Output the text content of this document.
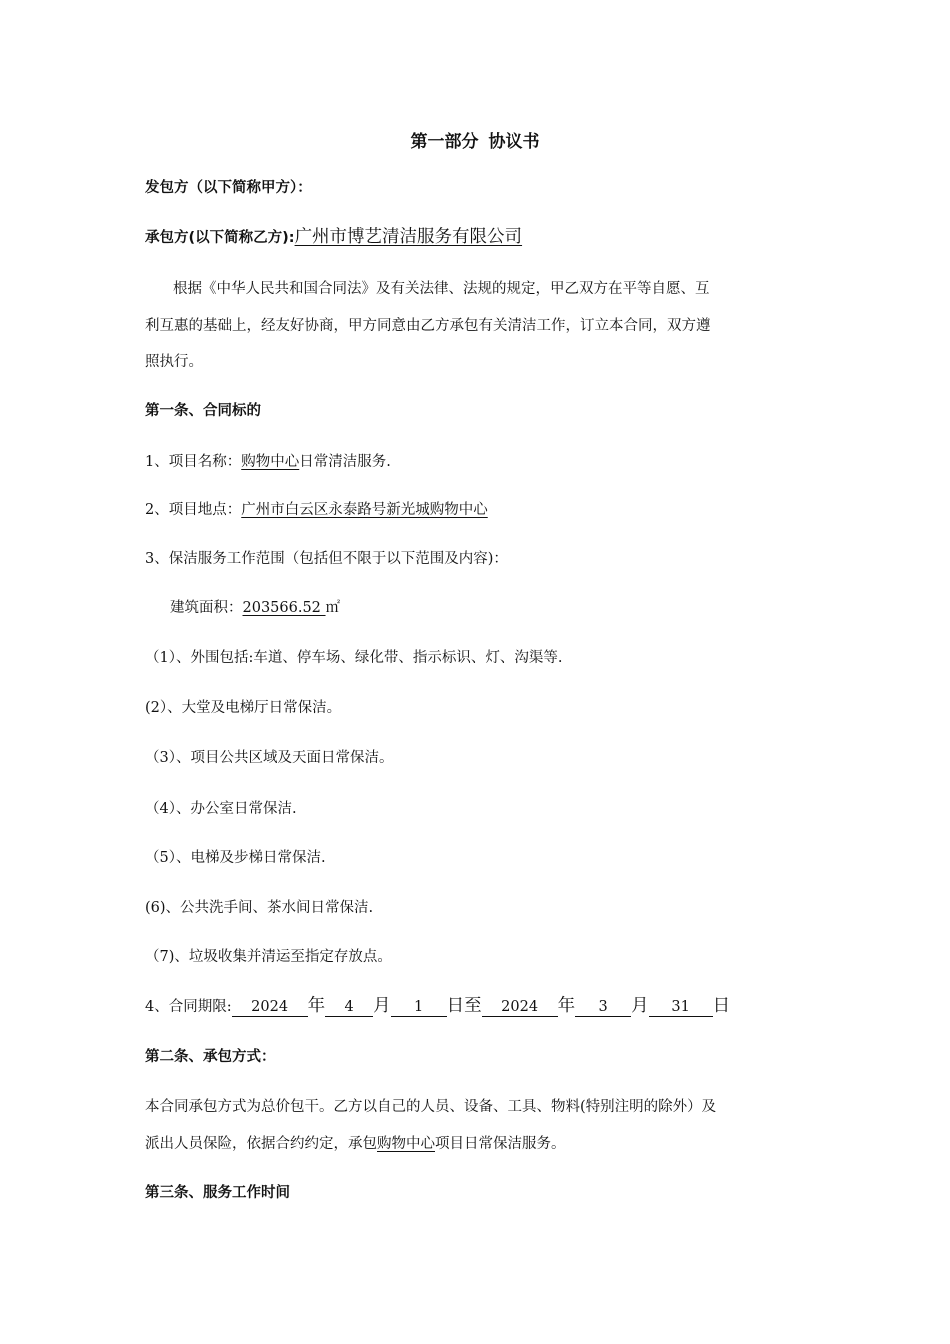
第一部分 协议书
发包方（以下简称甲方）：
承包方(以下简称乙方):广州市博艺清洁服务有限公司
根据《中华人民共和国合同法》及有关法律、法规的规定，甲乙双方在平等自愿、互
利互惠的基础上，经友好协商，甲方同意由乙方承包有关清洁工作，订立本合同，双方遵
照执行。
第一条、合同标的
1、项目名称：购物中心日常清洁服务.
2、项目地点：广州市白云区永泰路号新光城购物中心
3、保洁服务工作范围（包括但不限于以下范围及内容)：
建筑面积：203566.52 ㎡
（1）、外围包括:车道、停车场、绿化带、指示标识、灯、沟渠等.
(2）、大堂及电梯厅日常保洁。
（3）、项目公共区域及天面日常保洁。
（4）、办公室日常保洁.
（5）、电梯及步梯日常保洁.
(6)、公共洗手间、茶水间日常保洁.
（7)、垃圾收集并清运至指定存放点。
4、合同期限: 2024 年 4 月 1 日至 2024 年 3 月 31 日
第二条、承包方式：
本合同承包方式为总价包干。乙方以自己的人员、设备、工具、物料(特别注明的除外）及
派出人员保险，依据合约约定，承包购物中心项目日常保洁服务。
第三条、服务工作时间
